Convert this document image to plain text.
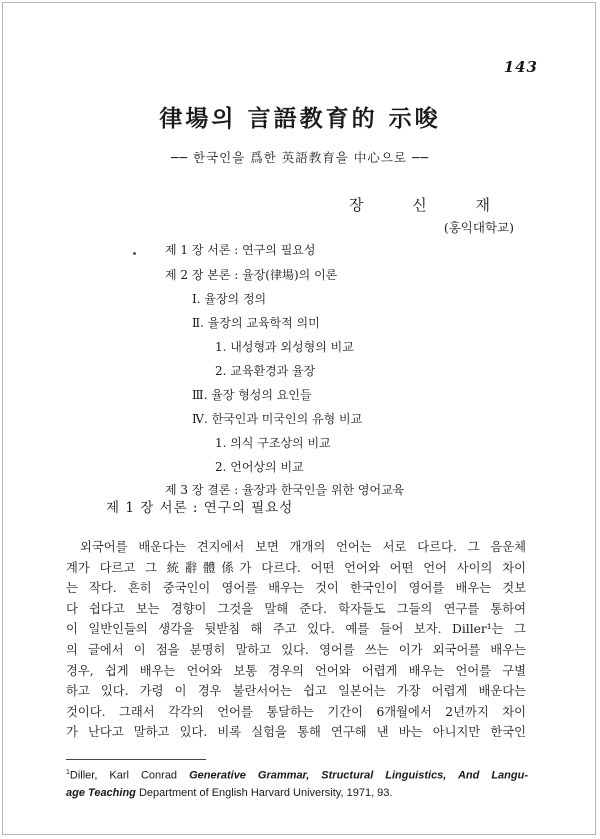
143
律場의 言語教育的 示唆
── 한국인을 爲한 英語教育을 中心으로 ──
장 신 재
(홍익대학교)
제 1 장 서론 : 연구의 필요성
제 2 장 본론 : 율장(律場)의 이론
Ⅰ. 율장의 정의
Ⅱ. 율장의 교육학적 의미
1. 내성형과 외성형의 비교
2. 교육환경과 율장
Ⅲ. 율장 형성의 요인들
Ⅳ. 한국인과 미국인의 유형 비교
1. 의식 구조상의 비교
2. 언어상의 비교
제 3 장 결론 : 율장과 한국인을 위한 영어교육
제 1 장 서론 : 연구의 필요성
외국어를 배운다는 견지에서 보면 개개의 언어는 서로 다르다. 그 음운체
계가 다르고 그 統辭體係가 다르다. 어떤 언어와 어떤 언어 사이의 차이
는 작다. 흔히 중국인이 영어를 배우는 것이 한국인이 영어를 배우는 것보
다 쉽다고 보는 경향이 그것을 말해 준다. 학자들도 그들의 연구를 통하여
이 일반인들의 생각을 뒷받침 해 주고 있다. 예를 들어 보자. Diller¹는 그
의 글에서 이 점을 분명히 말하고 있다. 영어를 쓰는 이가 외국어를 배우는
경우, 쉽게 배우는 언어와 보통 경우의 언어와 어렵게 배우는 언어를 구별
하고 있다. 가령 이 경우 불란서어는 쉽고 일본어는 가장 어렵게 배운다는
것이다. 그래서 각각의 언어를 통달하는 기간이 6개월에서 2년까지 차이
가 난다고 말하고 있다. 비록 실험을 통해 연구해 낸 바는 아니지만 한국인
$^1$Diller, Karl Conrad Generative Grammar, Structural Linguistics, And Langu-
age Teaching Department of English Harvard University, 1971, 93.
